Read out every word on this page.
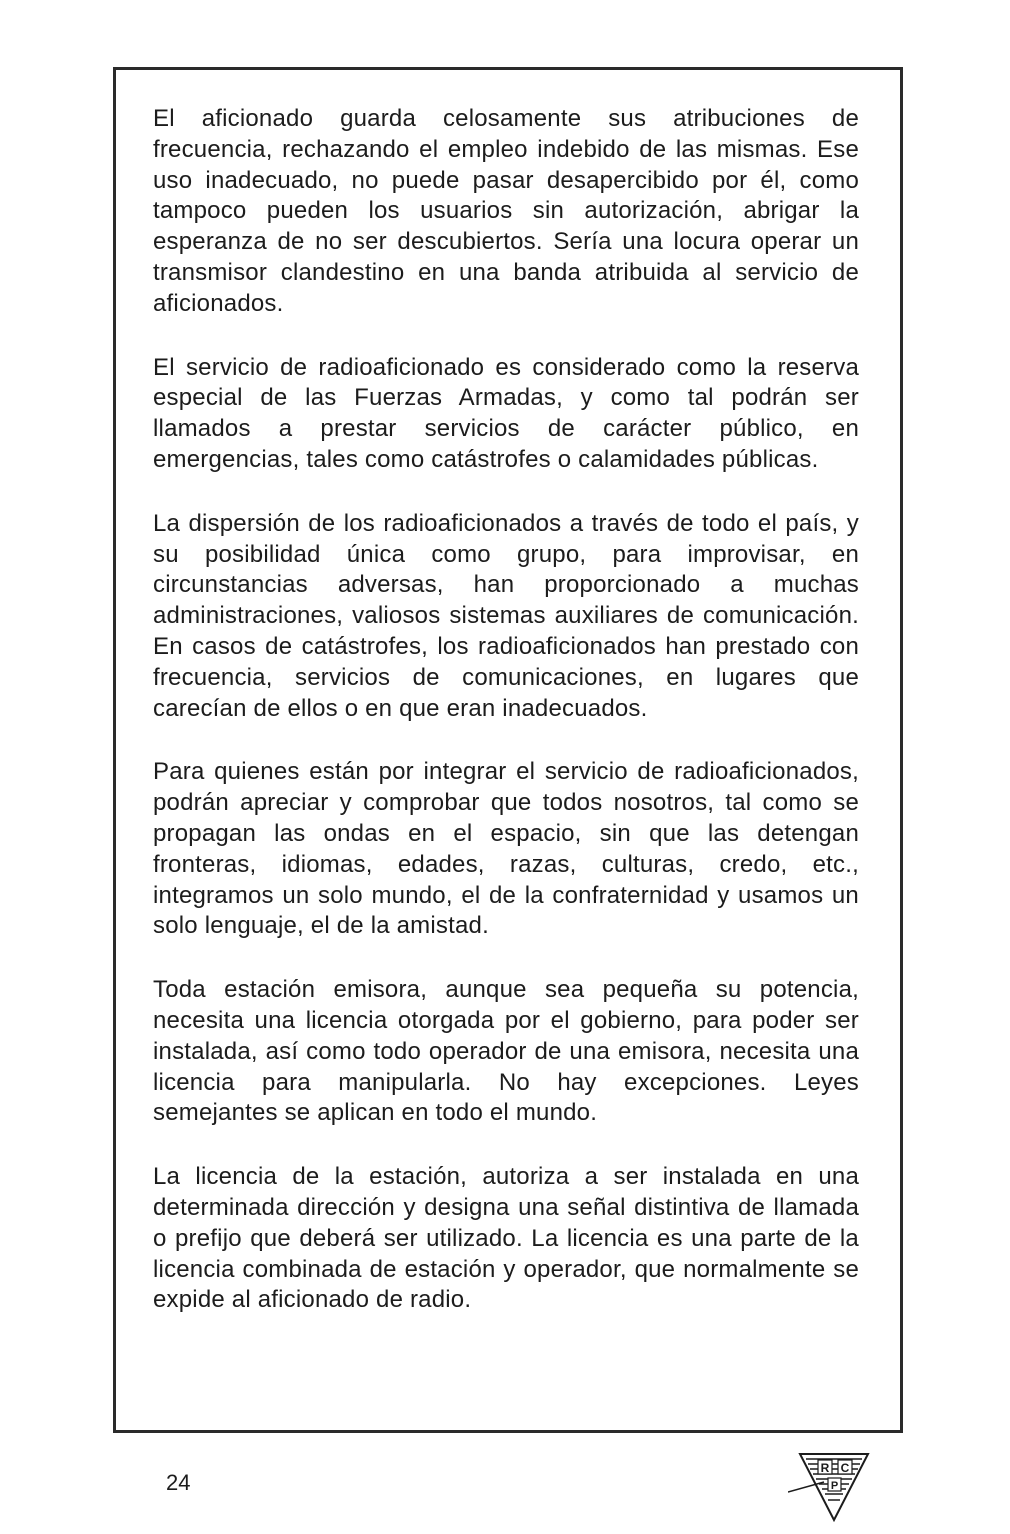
El aficionado guarda celosamente sus atribuciones de frecuencia, rechazando el empleo indebido de las mismas. Ese uso inadecuado, no puede pasar desapercibido por él, como tampoco pueden los usuarios sin autorización, abrigar la esperanza de no ser descubiertos. Sería una locura operar un transmisor clandestino en una banda atribuida al servicio de aficionados.

El servicio de radioaficionado es considerado como la reserva especial de las Fuerzas Armadas, y como tal podrán ser llamados a prestar servicios de carácter público, en emergencias, tales como catástrofes o calamidades públicas.

La dispersión de los radioaficionados a través de todo el país, y su posibilidad única como grupo, para improvisar, en circunstancias adversas, han proporcionado a muchas administraciones, valiosos sistemas auxiliares de comunicación. En casos de catástrofes, los radioaficionados han prestado con frecuencia, servicios de comunicaciones, en lugares que carecían de ellos o en que eran inadecuados.

Para quienes están por integrar el servicio de radioaficionados, podrán apreciar y comprobar que todos nosotros, tal como se propagan las ondas en el espacio, sin que las detengan fronteras, idiomas, edades, razas, culturas, credo, etc., integramos un solo mundo, el de la confraternidad y usamos un solo lenguaje, el de la amistad.

Toda estación emisora, aunque sea pequeña su potencia, necesita una licencia otorgada por el gobierno, para poder ser instalada, así como todo operador de una emisora, necesita una licencia para manipularla. No hay excepciones. Leyes semejantes se aplican en todo el mundo.

La licencia de la estación, autoriza a ser instalada en una determinada dirección y designa una señal distintiva de llamada o prefijo que deberá ser utilizado. La licencia es una parte de la licencia combinada de estación y operador, que normalmente se expide al aficionado de radio.

24
R C
P
